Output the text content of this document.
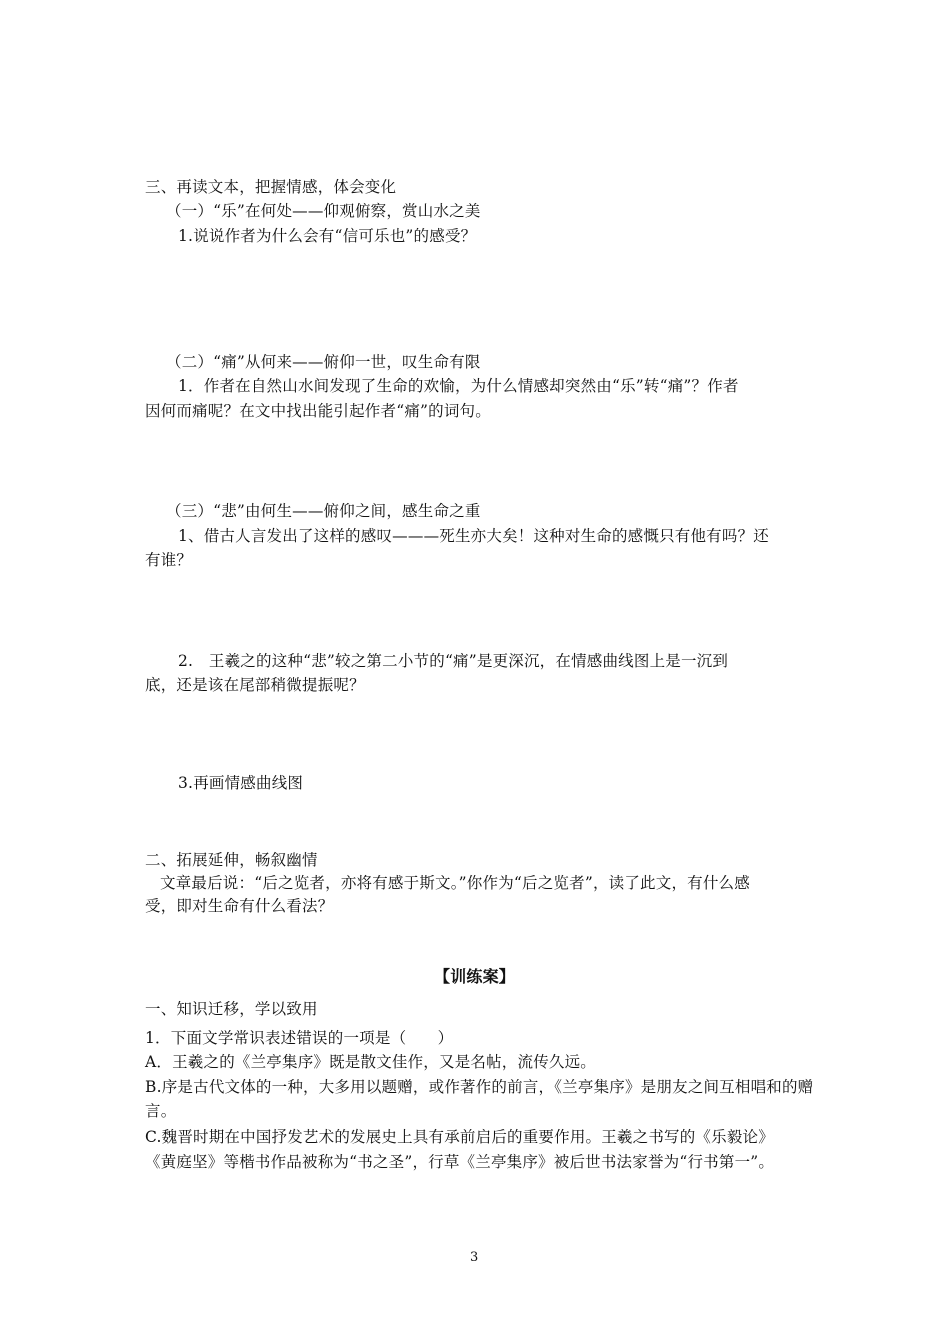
三、再读文本，把握情感，体会变化

（一）“乐”在何处——仰观俯察，赏山水之美

1.说说作者为什么会有“信可乐也”的感受？

（二）“痛”从何来——俯仰一世，叹生命有限

1．作者在自然山水间发现了生命的欢愉，为什么情感却突然由“乐”转“痛”？作者

因何而痛呢？在文中找出能引起作者“痛”的词句。

（三）“悲”由何生——俯仰之间，感生命之重

1、借古人言发出了这样的感叹———死生亦大矣！这种对生命的感慨只有他有吗？还

有谁？

2.　王羲之的这种“悲”较之第二小节的“痛”是更深沉，在情感曲线图上是一沉到

底，还是该在尾部稍微提振呢？

3.再画情感曲线图

二、拓展延伸，畅叙幽情

文章最后说：“后之览者，亦将有感于斯文。”你作为“后之览者”，读了此文，有什么感

受，即对生命有什么看法？

【训练案】

一、知识迁移，学以致用

1．下面文学常识表述错误的一项是（　　）

A．王羲之的《兰亭集序》既是散文佳作，又是名帖，流传久远。

B.序是古代文体的一种，大多用以题赠，或作著作的前言，《兰亭集序》是朋友之间互相唱和的赠

言。

C.魏晋时期在中国抒发艺术的发展史上具有承前启后的重要作用。王羲之书写的《乐毅论》

《黄庭坚》等楷书作品被称为“书之圣”，行草《兰亭集序》被后世书法家誉为“行书第一”。

3
